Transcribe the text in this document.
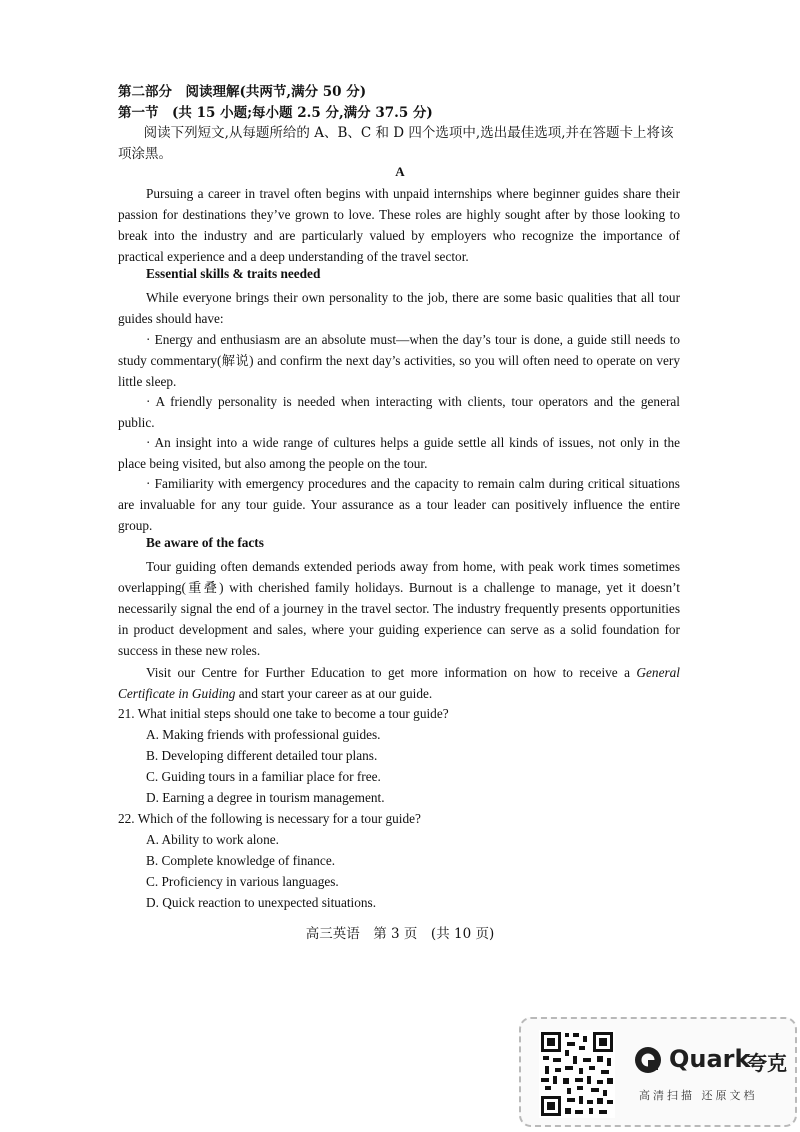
第二部分　阅读理解(共两节,满分 50 分)
第一节　(共 15 小题;每小题 2.5 分,满分 37.5 分)
阅读下列短文,从每题所给的 A、B、C 和 D 四个选项中,选出最佳选项,并在答题卡上将该项涂黑。
A
Pursuing a career in travel often begins with unpaid internships where beginner guides share their passion for destinations they’ve grown to love. These roles are highly sought after by those looking to break into the industry and are particularly valued by employers who recognize the importance of practical experience and a deep understanding of the travel sector.
Essential skills & traits needed
While everyone brings their own personality to the job, there are some basic qualities that all tour guides should have:
· Energy and enthusiasm are an absolute must—when the day’s tour is done, a guide still needs to study commentary(解说) and confirm the next day’s activities, so you will often need to operate on very little sleep.
· A friendly personality is needed when interacting with clients, tour operators and the general public.
· An insight into a wide range of cultures helps a guide settle all kinds of issues, not only in the place being visited, but also among the people on the tour.
· Familiarity with emergency procedures and the capacity to remain calm during critical situations are invaluable for any tour guide. Your assurance as a tour leader can positively influence the entire group.
Be aware of the facts
Tour guiding often demands extended periods away from home, with peak work times sometimes overlapping(重叠) with cherished family holidays. Burnout is a challenge to manage, yet it doesn’t necessarily signal the end of a journey in the travel sector. The industry frequently presents opportunities in product development and sales, where your guiding experience can serve as a solid foundation for success in these new roles.
Visit our Centre for Further Education to get more information on how to receive a General Certificate in Guiding and start your career as at our guide.
21. What initial steps should one take to become a tour guide?
A. Making friends with professional guides.
B. Developing different detailed tour plans.
C. Guiding tours in a familiar place for free.
D. Earning a degree in tourism management.
22. Which of the following is necessary for a tour guide?
A. Ability to work alone.
B. Complete knowledge of finance.
C. Proficiency in various languages.
D. Quick reaction to unexpected situations.
高三英语　第 3 页　(共 10 页)
Quark
夸克
高清扫描 还原文档
